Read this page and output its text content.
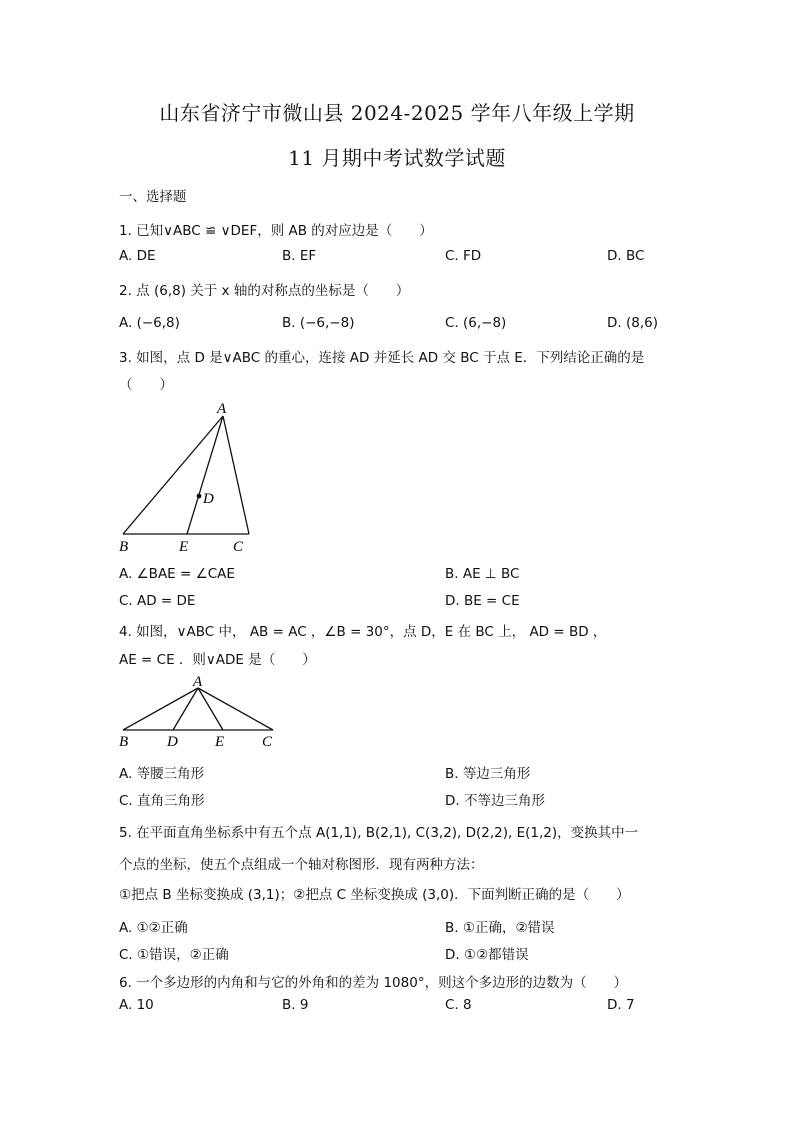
山东省济宁市微山县 2024-2025 学年八年级上学期
11 月期中考试数学试题
一、选择题
1. 已知∨ABC ≌ ∨DEF，则 AB 的对应边是（　　）
A. DE	B. EF	C. FD	D. BC
2. 点 (6,8) 关于 x 轴的对称点的坐标是（　　）
A. (−6,8)	B. (−6,−8)	C. (6,−8)	D. (8,6)
3. 如图，点 D 是∨ABC 的重心，连接 AD 并延长 AD 交 BC 于点 E．下列结论正确的是
（　　）
A
D
B	E	C
A. ∠BAE = ∠CAE	B. AE ⊥ BC
C. AD = DE	D. BE = CE
4. 如图，∨ABC 中， AB = AC ，∠B = 30°，点 D，E 在 BC 上， AD = BD ，
AE = CE ．则∨ADE 是（　　）
A
B	D E	C
A. 等腰三角形	B. 等边三角形
C. 直角三角形	D. 不等边三角形
5. 在平面直角坐标系中有五个点 A(1,1), B(2,1), C(3,2), D(2,2), E(1,2)，变换其中一
个点的坐标，使五个点组成一个轴对称图形．现有两种方法：
①把点 B 坐标变换成 (3,1)；②把点 C 坐标变换成 (3,0)．下面判断正确的是（　　）
A. ①②正确	B. ①正确，②错误
C. ①错误，②正确	D. ①②都错误
6. 一个多边形的内角和与它的外角和的差为 1080°，则这个多边形的边数为（　　）
A. 10	B. 9	C. 8	D. 7
